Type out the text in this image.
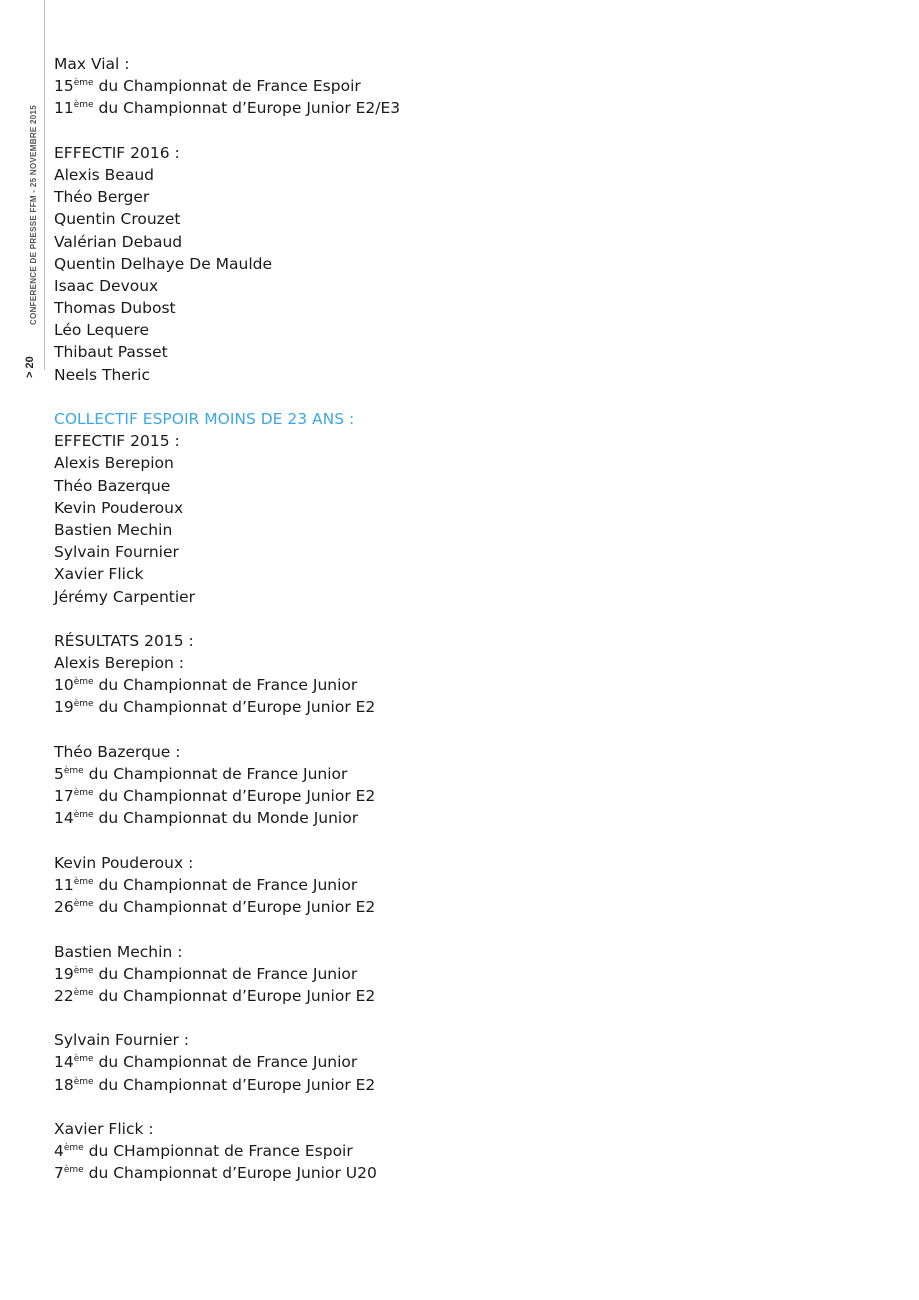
CONFERENCE DE PRESSE FFM - 25 NOVEMBRE 2015
> 20
Max Vial :
15ème du Championnat de France Espoir
11ème du Championnat d’Europe Junior E2/E3
EFFECTIF 2016 :
Alexis Beaud
Théo Berger
Quentin Crouzet
Valérian Debaud
Quentin Delhaye De Maulde
Isaac Devoux
Thomas Dubost
Léo Lequere
Thibaut Passet
Neels Theric
COLLECTIF ESPOIR MOINS DE 23 ANS :
EFFECTIF 2015 :
Alexis Berepion
Théo Bazerque
Kevin Pouderoux
Bastien Mechin
Sylvain Fournier
Xavier Flick
Jérémy Carpentier
RÉSULTATS 2015 :
Alexis Berepion :
10ème du Championnat de France Junior
19ème du Championnat d’Europe Junior E2
Théo Bazerque :
5ème du Championnat de France Junior
17ème du Championnat d’Europe Junior E2
14ème du Championnat du Monde Junior
Kevin Pouderoux :
11ème du Championnat de France Junior
26ème du Championnat d’Europe Junior E2
Bastien Mechin :
19ème du Championnat de France Junior
22ème du Championnat d’Europe Junior E2
Sylvain Fournier :
14ème du Championnat de France Junior
18ème du Championnat d’Europe Junior E2
Xavier Flick :
4ème du CHampionnat de France Espoir
7ème du Championnat d’Europe Junior U20
